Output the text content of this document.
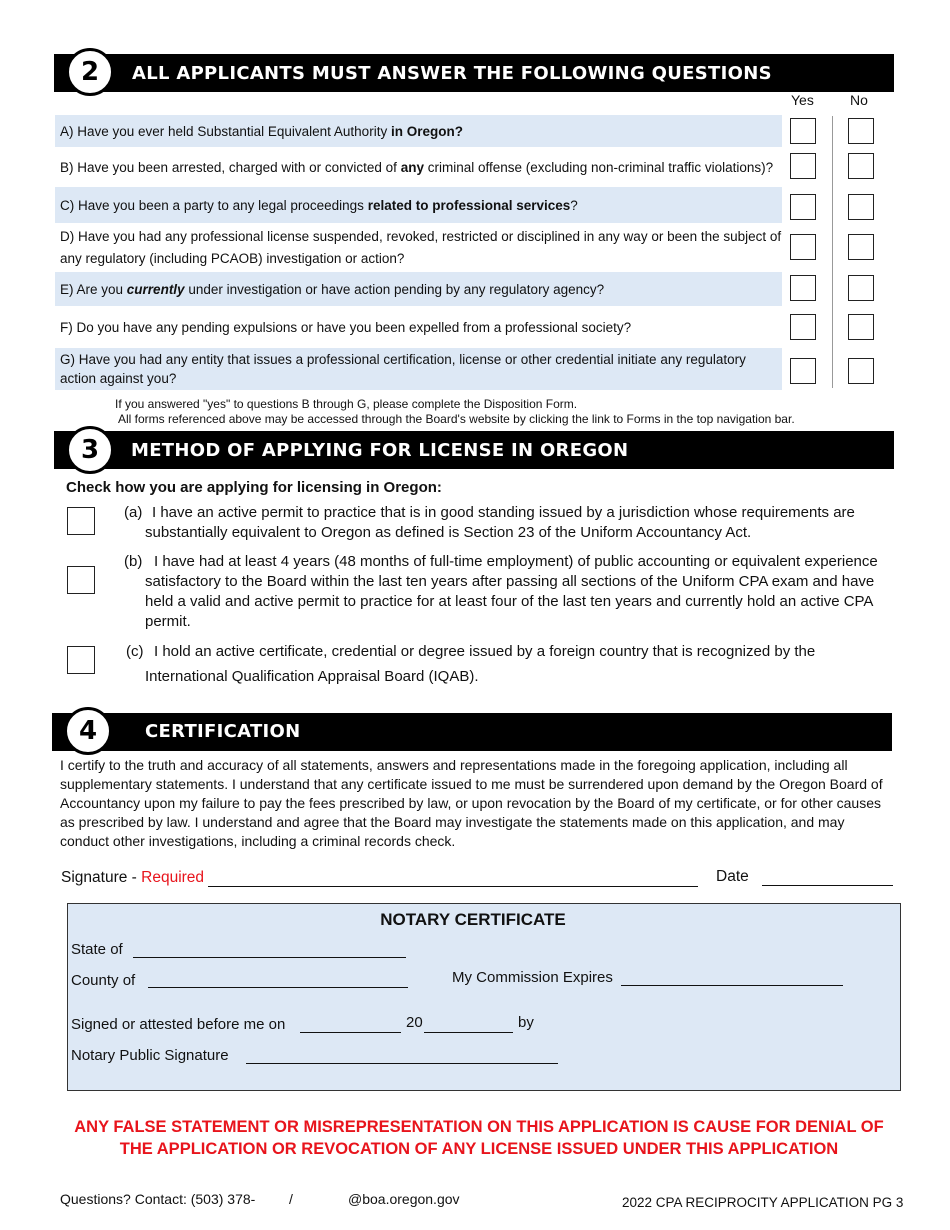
2	ALL APPLICANTS MUST ANSWER THE FOLLOWING QUESTIONS
Yes	No
A) Have you ever held Substantial Equivalent Authority in Oregon?
B) Have you been arrested, charged with or convicted of any criminal offense (excluding non-criminal traffic violations)?
C) Have you been a party to any legal proceedings related to professional services?
D) Have you had any professional license suspended, revoked, restricted or disciplined in any way or been the subject of any regulatory (including PCAOB) investigation or action?
E) Are you currently under investigation or have action pending by any regulatory agency?
F) Do you have any pending expulsions or have you been expelled from a professional society?
G) Have you had any entity that issues a professional certification, license or other credential initiate any regulatory action against you?
If you answered "yes" to questions B through G, please complete the Disposition Form.
All forms referenced above may be accessed through the Board's website by clicking the link to Forms in the top navigation bar.
3	METHOD OF APPLYING FOR LICENSE IN OREGON
Check how you are applying for licensing in Oregon:
(a) I have an active permit to practice that is in good standing issued by a jurisdiction whose requirements are
substantially equivalent to Oregon as defined is Section 23 of the Uniform Accountancy Act.
(b) I have had at least 4 years (48 months of full-time employment) of public accounting or equivalent experience
satisfactory to the Board within the last ten years after passing all sections of the Uniform CPA exam and have
held a valid and active permit to practice for at least four of the last ten years and currently hold an active CPA
permit.
(c) I hold an active certificate, credential or degree issued by a foreign country that is recognized by the
International Qualification Appraisal Board (IQAB).
4	CERTIFICATION
I certify to the truth and accuracy of all statements, answers and representations made in the foregoing application, including all supplementary statements. I understand that any certificate issued to me must be surrendered upon demand by the Oregon Board of Accountancy upon my failure to pay the fees prescribed by law, or upon revocation by the Board of my certificate, or for other causes as prescribed by law. I understand and agree that the Board may investigate the statements made on this application, and may conduct other investigations, including a criminal records check.
Signature - Required	Date
NOTARY CERTIFICATE
State of
County of	My Commission Expires
Signed or attested before me on	20	by
Notary Public Signature
ANY FALSE STATEMENT OR MISREPRESENTATION ON THIS APPLICATION IS CAUSE FOR DENIAL OF
THE APPLICATION OR REVOCATION OF ANY LICENSE ISSUED UNDER THIS APPLICATION
Questions? Contact: (503) 378- /	@boa.oregon.gov	2022 CPA RECIPROCITY APPLICATION PG 3
